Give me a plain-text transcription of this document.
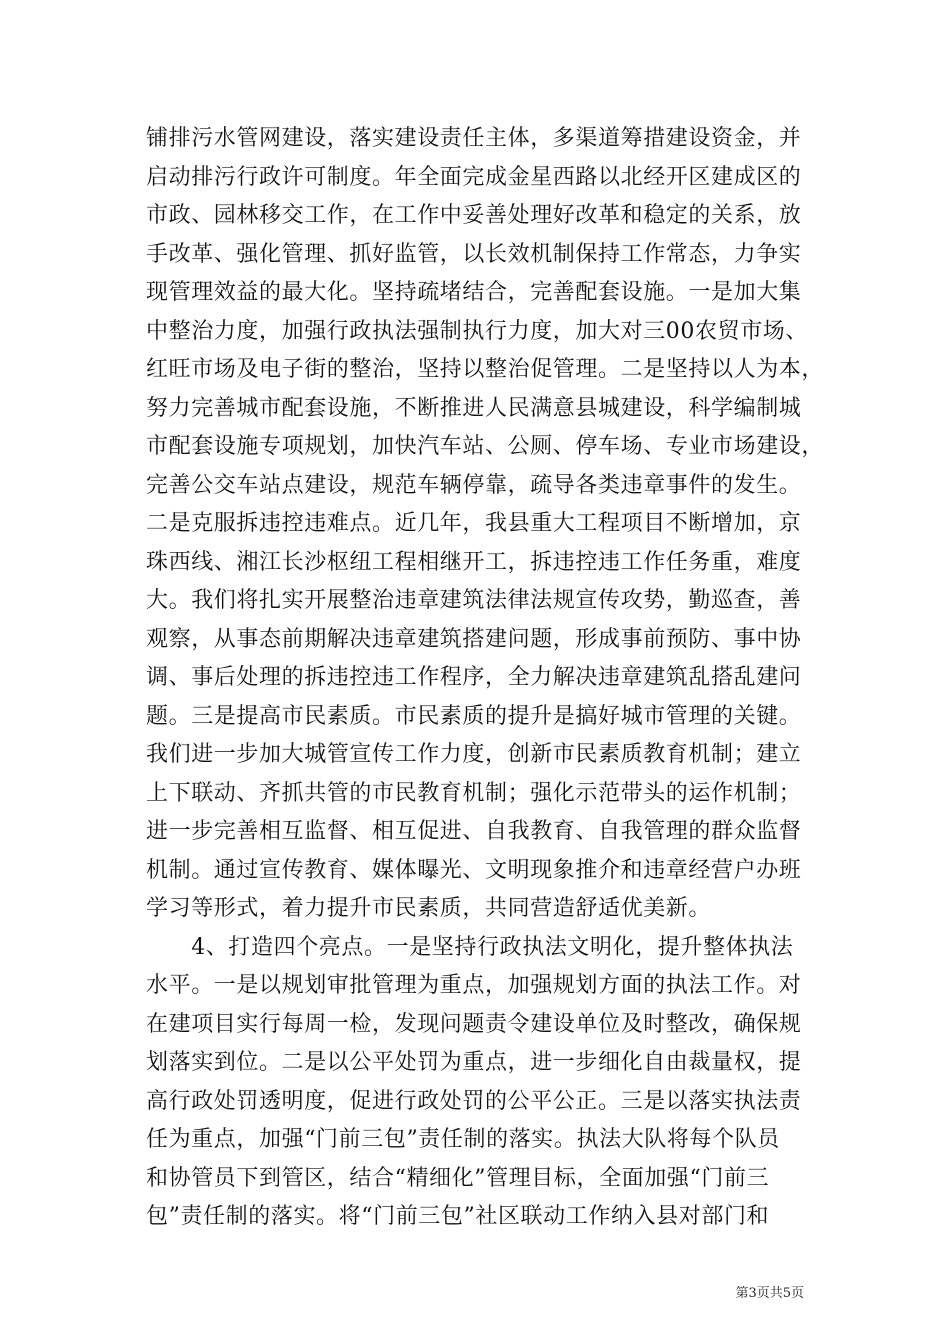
铺排污水管网建设，落实建设责任主体，多渠道筹措建设资金，并
启动排污行政许可制度。年全面完成金星西路以北经开区建成区的
市政、园林移交工作，在工作中妥善处理好改革和稳定的关系，放
手改革、强化管理、抓好监管，以长效机制保持工作常态，力争实
现管理效益的最大化。坚持疏堵结合，完善配套设施。一是加大集
中整治力度，加强行政执法强制执行力度，加大对三00农贸市场、
红旺市场及电子街的整治，坚持以整治促管理。二是坚持以人为本，
努力完善城市配套设施，不断推进人民满意县城建设，科学编制城
市配套设施专项规划，加快汽车站、公厕、停车场、专业市场建设，
完善公交车站点建设，规范车辆停靠，疏导各类违章事件的发生。
二是克服拆违控违难点。近几年，我县重大工程项目不断增加，京
珠西线、湘江长沙枢纽工程相继开工，拆违控违工作任务重，难度
大。我们将扎实开展整治违章建筑法律法规宣传攻势，勤巡查，善
观察，从事态前期解决违章建筑搭建问题，形成事前预防、事中协
调、事后处理的拆违控违工作程序，全力解决违章建筑乱搭乱建问
题。三是提高市民素质。市民素质的提升是搞好城市管理的关键。
我们进一步加大城管宣传工作力度，创新市民素质教育机制；建立
上下联动、齐抓共管的市民教育机制；强化示范带头的运作机制；
进一步完善相互监督、相互促进、自我教育、自我管理的群众监督
机制。通过宣传教育、媒体曝光、文明现象推介和违章经营户办班
学习等形式，着力提升市民素质，共同营造舒适优美新。
　　4、打造四个亮点。一是坚持行政执法文明化，提升整体执法
水平。一是以规划审批管理为重点，加强规划方面的执法工作。对
在建项目实行每周一检，发现问题责令建设单位及时整改，确保规
划落实到位。二是以公平处罚为重点，进一步细化自由裁量权，提
高行政处罚透明度，促进行政处罚的公平公正。三是以落实执法责
任为重点，加强“门前三包”责任制的落实。执法大队将每个队员
和协管员下到管区，结合“精细化”管理目标，全面加强“门前三
包”责任制的落实。将“门前三包”社区联动工作纳入县对部门和
第3页共5页
